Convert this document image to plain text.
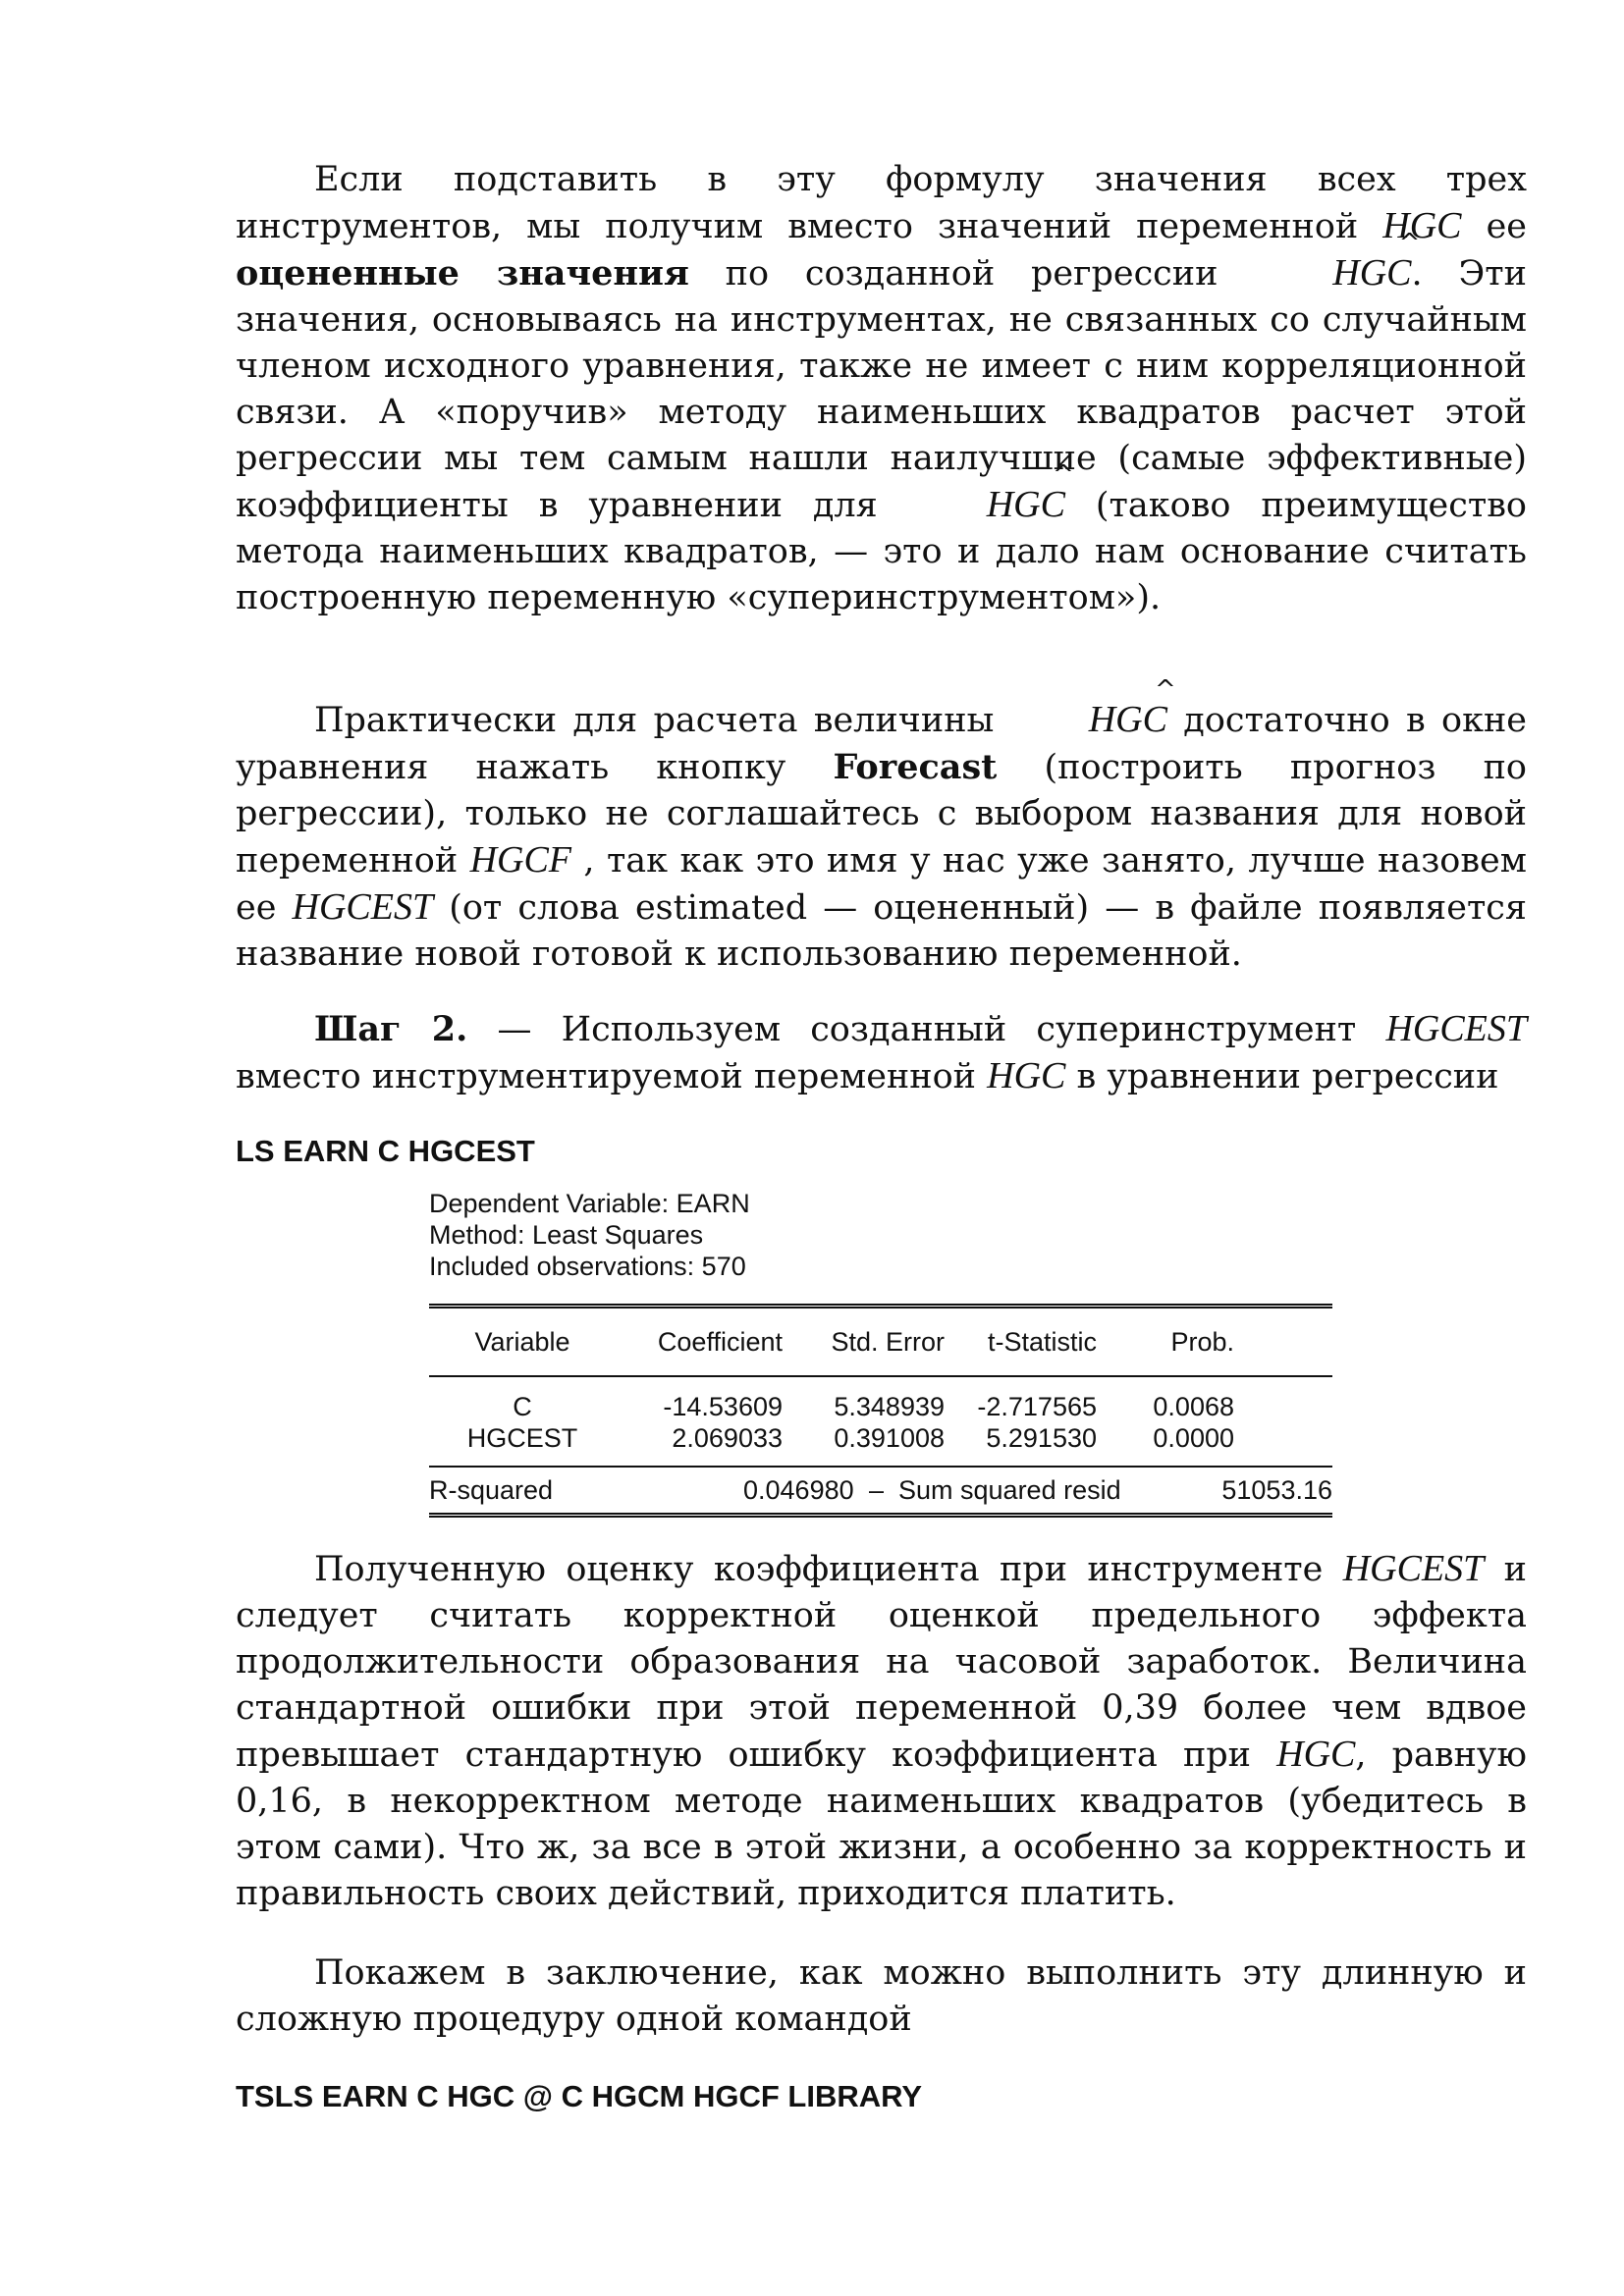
Если подставить в эту формулу значения всех трех инструментов, мы получим вместо значений переменной HGC ее оцененные значения по созданной регрессии ^ HGC. Эти значения, основываясь на инструментах, не связанных со случайным членом исходного уравнения, также не имеет с ним корреляционной связи. А «поручив» методу наименьших квадратов расчет этой регрессии мы тем самым нашли наилучшие (самые эффективные) коэффициенты в уравнении для ^ HGC (таково преимущество метода наименьших квадратов, — это и дало нам основание считать построенную переменную «суперинструментом»).

Практически для расчета величины ^ HGC достаточно в окне уравнения нажать кнопку Forecast (построить прогноз по регрессии), только не соглашайтесь с выбором названия для новой переменной HGCF , так как это имя у нас уже занято, лучше назовем ее HGCEST (от слова estimated — оцененный) — в файле появляется название новой готовой к использованию переменной.

Шаг 2. — Используем созданный суперинструмент HGCEST вместо инструментируемой переменной HGC в уравнении регрессии

LS EARN C HGCEST
Dependent Variable: EARN
Method: Least Squares
Included observations: 570
Variable	Coefficient	Std. Error	t-Statistic	Prob.
C	-14.53609	5.348939	-2.717565	0.0068
HGCEST	2.069033	0.391008	5.291530	0.0000
R-squared	0.046980 – Sum squared resid	51053.16

Полученную оценку коэффициента при инструменте HGCEST и следует считать корректной оценкой предельного эффекта продолжительности образования на часовой заработок. Величина стандартной ошибки при этой переменной 0,39 более чем вдвое превышает стандартную ошибку коэффициента при HGC, равную 0,16, в некорректном методе наименьших квадратов (убедитесь в этом сами). Что ж, за все в этой жизни, а особенно за корректность и правильность своих действий, приходится платить.

Покажем в заключение, как можно выполнить эту длинную и сложную процедуру одной командой

TSLS EARN C HGC @ C HGCM HGCF LIBRARY
